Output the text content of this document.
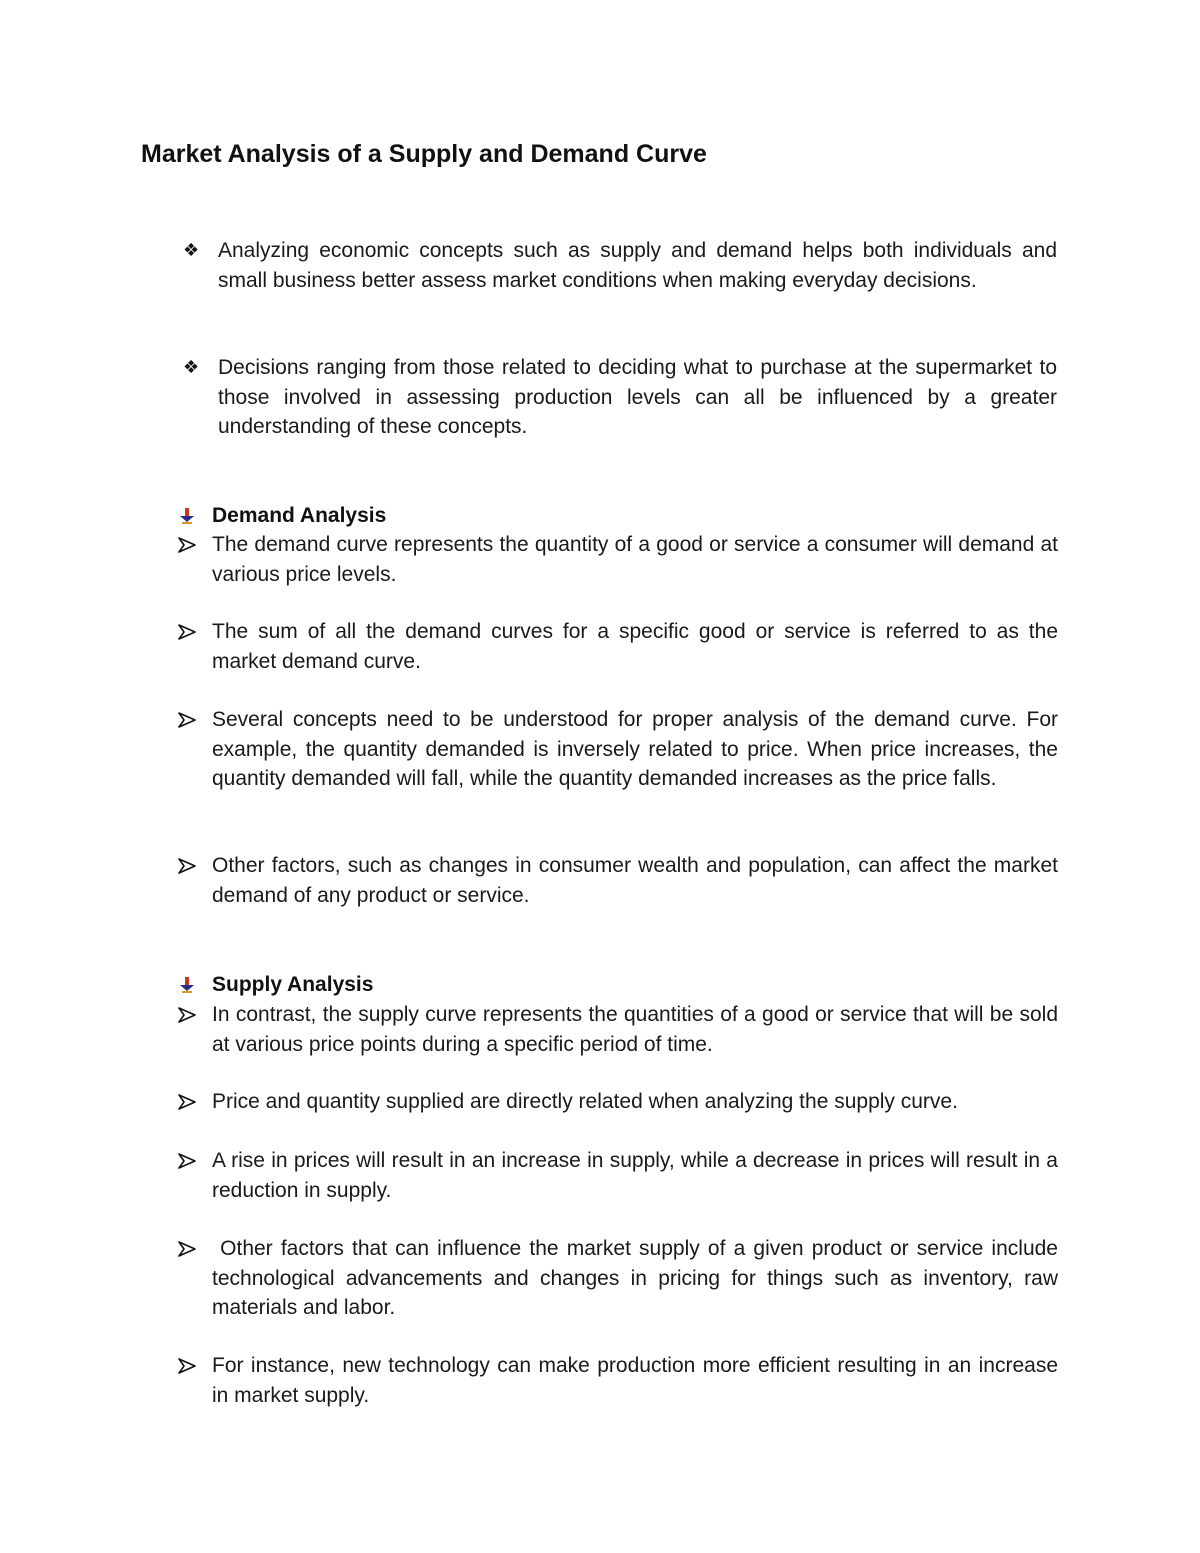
Market Analysis of a Supply and Demand Curve
❖ Analyzing economic concepts such as supply and demand helps both individuals and small business better assess market conditions when making everyday decisions.
❖ Decisions ranging from those related to deciding what to purchase at the supermarket to those involved in assessing production levels can all be influenced by a greater understanding of these concepts.
Demand Analysis
The demand curve represents the quantity of a good or service a consumer will demand at various price levels.
The sum of all the demand curves for a specific good or service is referred to as the market demand curve.
Several concepts need to be understood for proper analysis of the demand curve. For example, the quantity demanded is inversely related to price. When price increases, the quantity demanded will fall, while the quantity demanded increases as the price falls.
Other factors, such as changes in consumer wealth and population, can affect the market demand of any product or service.
Supply Analysis
In contrast, the supply curve represents the quantities of a good or service that will be sold at various price points during a specific period of time.
Price and quantity supplied are directly related when analyzing the supply curve.
A rise in prices will result in an increase in supply, while a decrease in prices will result in a reduction in supply.
Other factors that can influence the market supply of a given product or service include technological advancements and changes in pricing for things such as inventory, raw materials and labor.
For instance, new technology can make production more efficient resulting in an increase in market supply.
